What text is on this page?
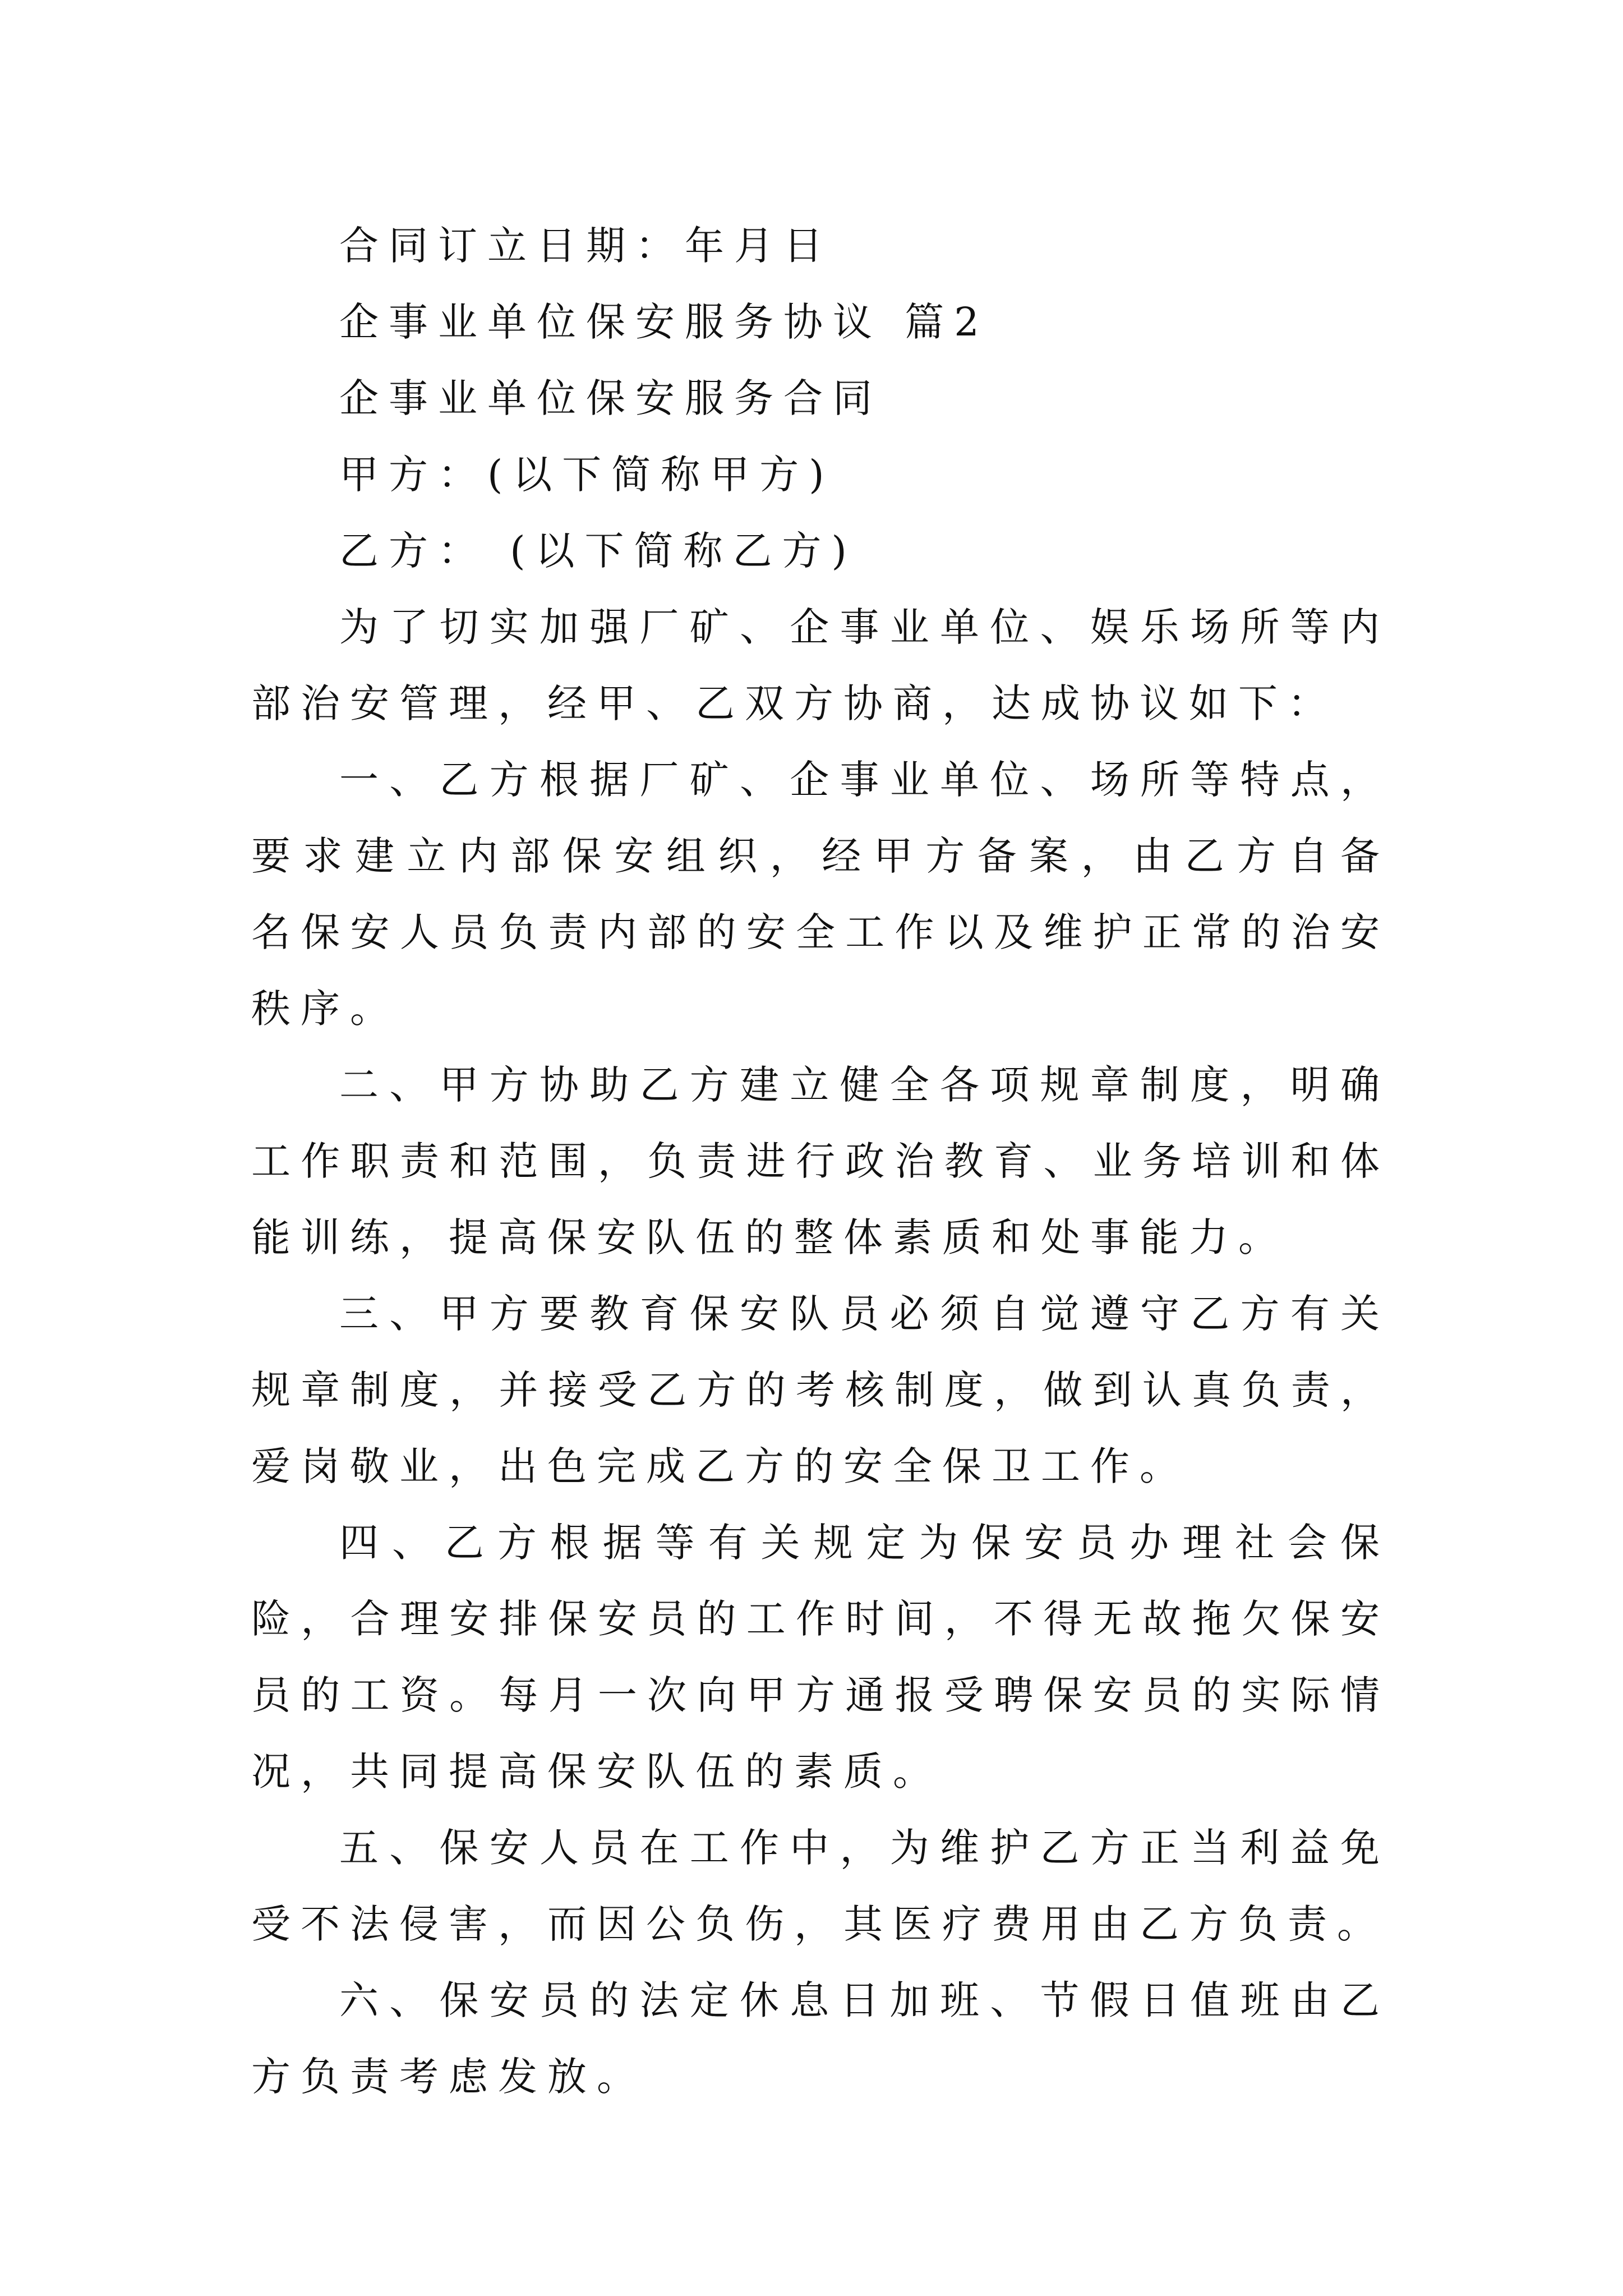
合同订立日期：年月日

企事业单位保安服务协议 篇2

企事业单位保安服务合同

甲方：(以下简称甲方)

乙方： (以下简称乙方)

为了切实加强厂矿、企事业单位、娱乐场所等内部治安管理，经甲、乙双方协商，达成协议如下：

一、乙方根据厂矿、企事业单位、场所等特点，要求建立内部保安组织，经甲方备案，由乙方自备 名保安人员负责内部的安全工作以及维护正常的治安秩序。

二、甲方协助乙方建立健全各项规章制度，明确工作职责和范围，负责进行政治教育、业务培训和体能训练，提高保安队伍的整体素质和处事能力。

三、甲方要教育保安队员必须自觉遵守乙方有关规章制度，并接受乙方的考核制度，做到认真负责，爱岗敬业，出色完成乙方的安全保卫工作。

四、乙方根据等有关规定为保安员办理社会保险，合理安排保安员的工作时间，不得无故拖欠保安员的工资。每月一次向甲方通报受聘保安员的实际情况，共同提高保安队伍的素质。

五、保安人员在工作中，为维护乙方正当利益免受不法侵害，而因公负伤，其医疗费用由乙方负责。

六、保安员的法定休息日加班、节假日值班由乙方负责考虑发放。
